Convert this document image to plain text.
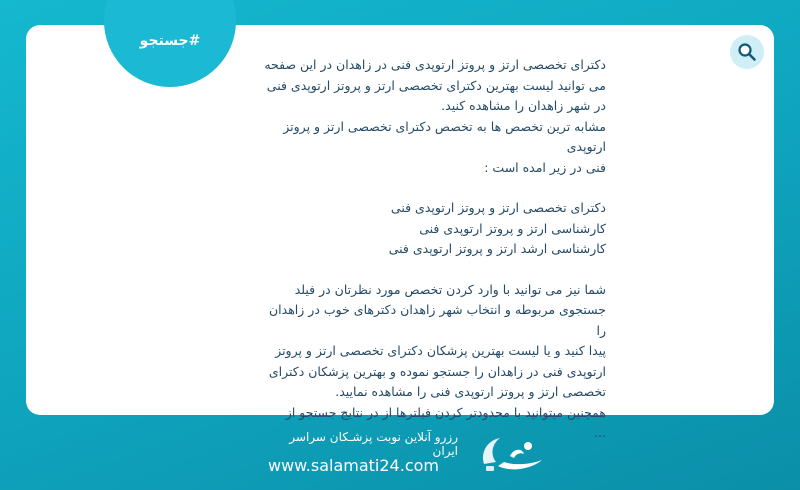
#جستجو

دکترای تخصصی ارتز و پروتز ارتوپدی فنی در زاهدان در این صفحه

می توانید لیست بهترین دکترای تخصصی ارتز و پروتز ارتوپدی فنی

در شهر زاهدان را مشاهده کنید.

مشابه ترین تخصص ها به تخصص دکترای تخصصی ارتز و پروتز ارتوپدی

فنی در زیر امده است :

دکترای تخصصی ارتز و پروتز ارتوپدی فنی

کارشناسی ارتز و پروتز ارتوپدی فنی

کارشناسی ارشد ارتز و پروتز ارتوپدی فنی

شما نیز می توانید با وارد کردن تخصص مورد نظرتان در فیلد

جستجوی مربوطه و انتخاب شهر زاهدان دکترهای خوب در زاهدان را

پیدا کنید و یا لیست بهترین پزشکان دکترای تخصصی ارتز و پروتز

ارتوپدی فنی در زاهدان را جستجو نموده و بهترین پزشکان دکترای

تخصصی ارتز و پروتز ارتوپدی فنی را مشاهده نمایید.

همچنین میتوانید با محدودتر کردن فیلترها از در نتایج جستجو از

...

رزرو آنلاین نوبت پزشـکان سراسر ایران
www.salamati24.com
